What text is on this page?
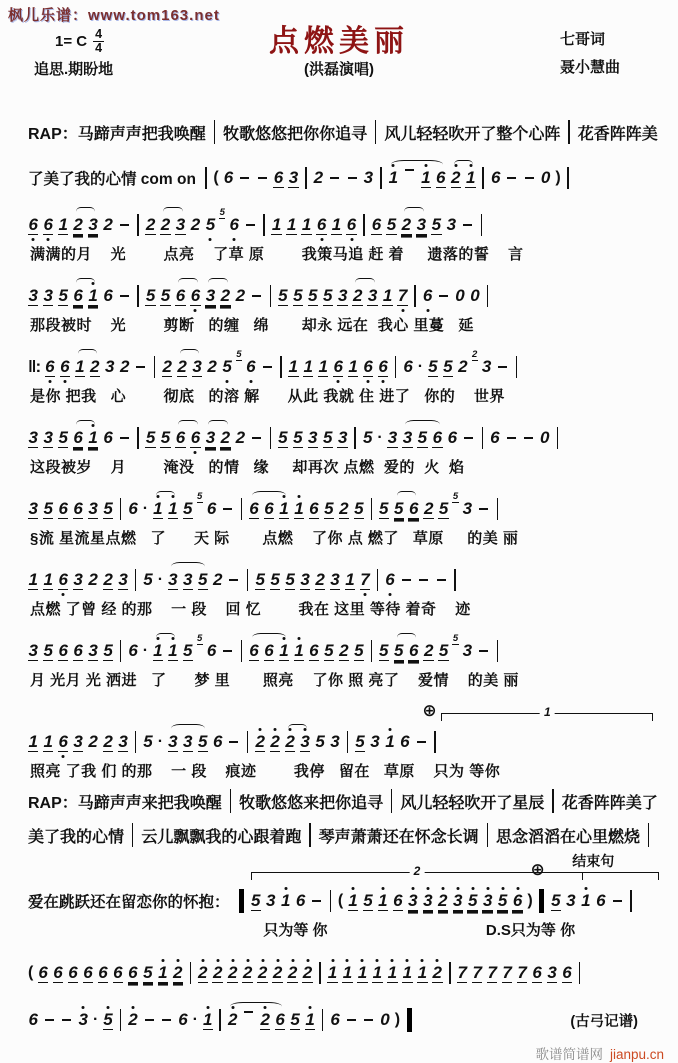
枫儿乐谱：www.tom163.net
1= C $\frac{4}{4}$
追思.期盼地
点燃美丽
(洪磊演唱)
七哥词
聂小慧曲
RAP： 马蹄声声把我唤醒 牧歌悠悠把你你追寻 风儿轻轻吹开了整个心阵 花香阵阵美
了美了我的心情 com on ( 6 6 3 2 3 1 1 6 2 1 6 0 )
6 6 1 2 3 2 2 2 3 2 5
5
6 1 1 1 6 1 6 6 5 2 3 5 3
满满的月    光        点亮    了草 原        我策马追 赶 着     遗落的誓    言
3 3 5 6 1 6 5 5 6 6 3 2 2 5 5 5 5 3 2 3 1 7 6 0 0
那段被时    光        剪断   的缠   绵       却永 远在  我心 里蔓   延
‖: 6 6 1 2 3 2 2 2 3 2 5
5
6 1 1 1 6 1 6 6 6 · 5 5 2
2
3
是你 把我   心        彻底   的溶 解      从此 我就 住 进了   你的    世界
3 3 5 6 1 6 5 5 6 6 3 2 2 5 5 3 5 3 5 · 3 3 5 6 6 6 0
这段被岁    月        淹没   的情   缘     却再次 点燃  爱的  火  焰
3 5 6 6 3 5 6 · 1 1 5
5
6 6 6 1 1 6 5 2 5 5 5 6 2 5
5
3
§流 星流星点燃   了      天 际       点燃    了你 点 燃了   草原     的美 丽
1 1 6 3 2 2 3 5 · 3 3 5 2 5 5 5 3 2 3 1 7 6
点燃 了曾 经 的那    一 段    回 忆        我在 这里 等待 着奇    迹
3 5 6 6 3 5 6 · 1 1 5
5
6 6 6 1 1 6 5 2 5 5 5 6 2 5
5
3
月 光月 光 洒进   了      梦 里       照亮    了你 照 亮了    爱情    的美 丽
⊕	1
1 1 6 3 2 2 3 5 · 3 3 5 6 2 2 2 3 5 3 5 3 1 6
照亮 了我 们 的那    一 段    痕迹        我停   留在   草原    只为 等你
RAP： 马蹄声声来把我唤醒 牧歌悠悠来把你追寻 风儿轻轻吹开了星辰 花香阵阵美了
美了我的心情 云儿飘飘我的心跟着跑 琴声萧萧还在怀念长调 思念滔滔在心里燃烧
2	⊕ 结束句
爱在跳跃还在留恋你的怀抱： 5 3 1 6 ( 1 5 1 6 3 3 2 3 5 3 5 6 ) 5 3 1 6
只为等 你	D.S只为等 你
( 6 6 6 6 6 6 6 5 1 2 2 2 2 2 2 2 2 2 1 1 1 1 1 1 1 2 7 7 7 7 7 6 3 6
6 3 · 5 2 6 · 1 2 2 6 5 1 6 0 )	(古弓记谱)
歌谱简谱网 jianpu.cn
